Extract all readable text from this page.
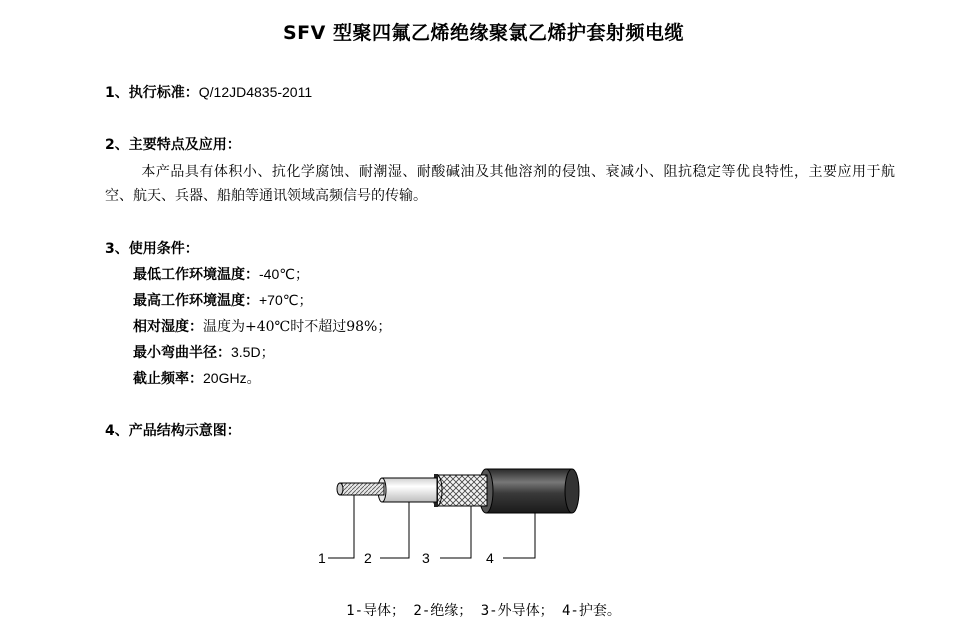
SFV 型聚四氟乙烯绝缘聚氯乙烯护套射频电缆
1、执行标准：Q/12JD4835-2011
2、主要特点及应用：
本产品具有体积小、抗化学腐蚀、耐潮湿、耐酸碱油及其他溶剂的侵蚀、衰减小、阻抗稳定等优良特性，主要应用于航空、航天、兵器、船舶等通讯领域高频信号的传输。
3、使用条件：
最低工作环境温度：-40℃；
最高工作环境温度：+70℃；
相对湿度：温度为+40℃时不超过98%；
最小弯曲半径：3.5D；
截止频率：20GHz。
4、产品结构示意图：
1	2	3	4
1-导体； 2-绝缘； 3-外导体； 4-护套。
